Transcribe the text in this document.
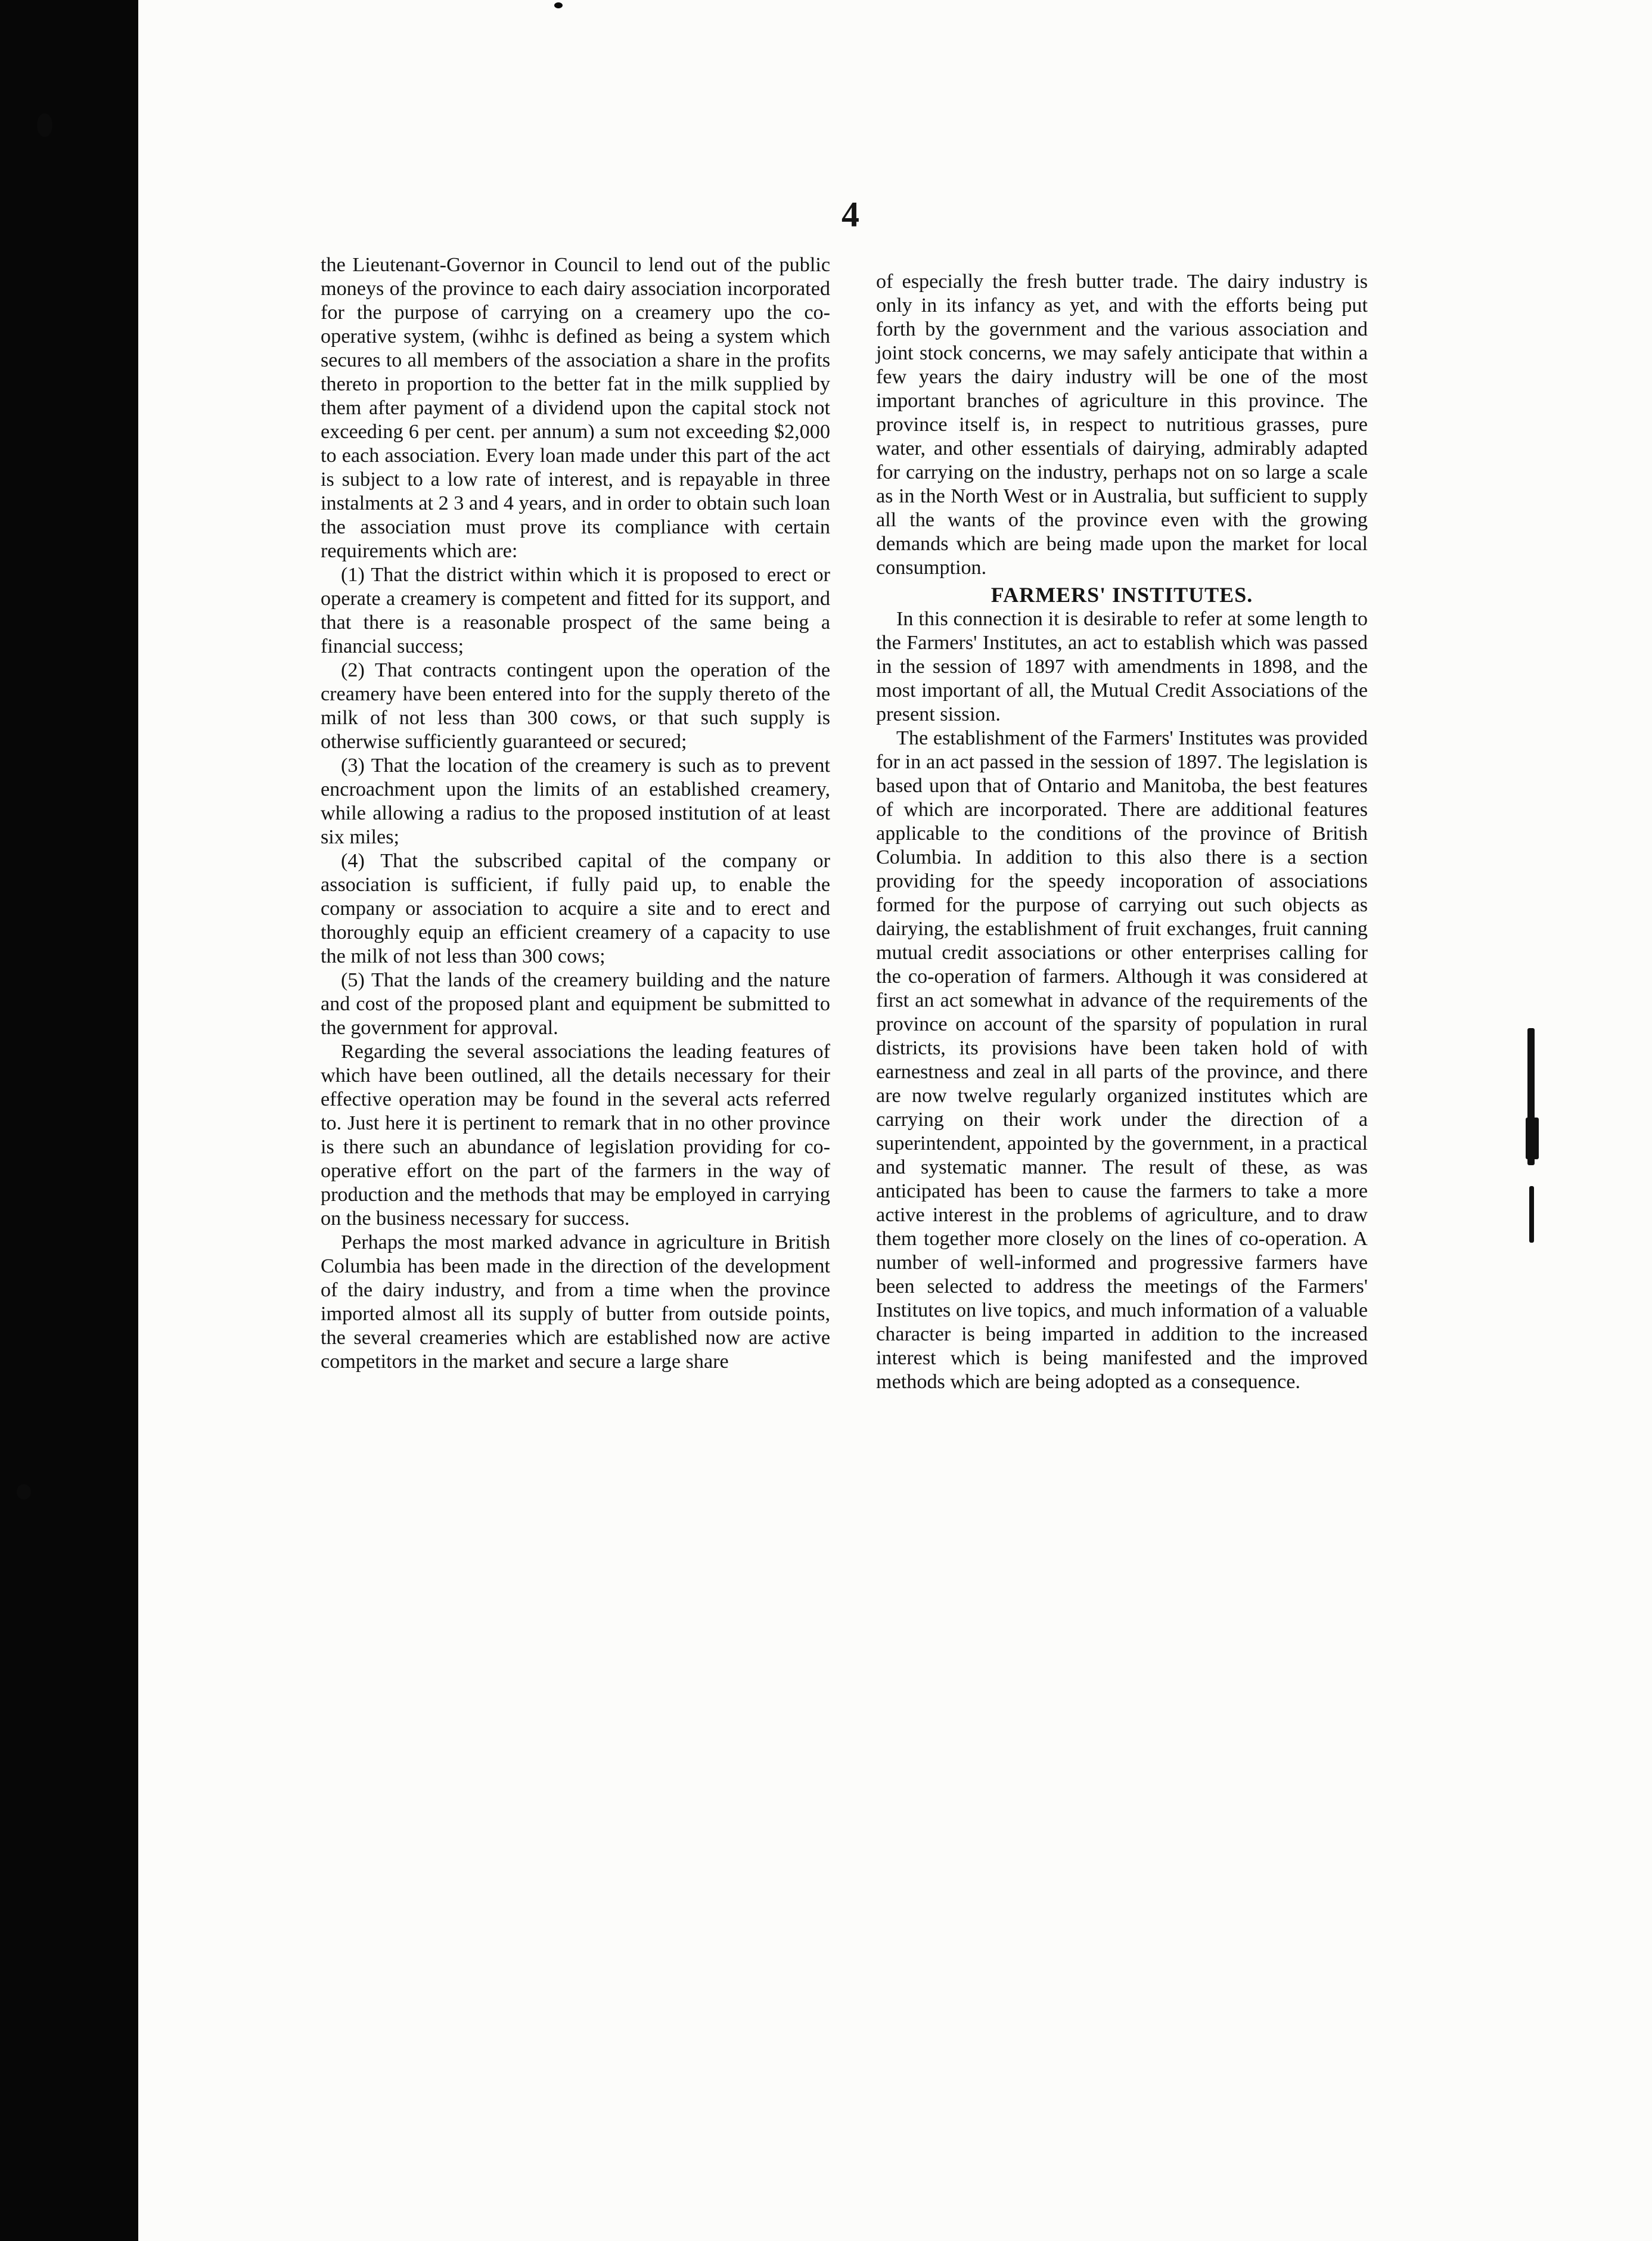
4

the Lieutenant-Governor in Council to lend out of the public moneys of the province to each dairy association incorporated for the purpose of carrying on a creamery upo the co-operative system, (wihhc is defined as being a system which secures to all members of the association a share in the profits thereto in proportion to the better fat in the milk supplied by them after payment of a dividend upon the capital stock not exceeding 6 per cent. per annum) a sum not exceeding $2,000 to each association. Every loan made under this part of the act is subject to a low rate of interest, and is repayable in three instalments at 2 3 and 4 years, and in order to obtain such loan the association must prove its compliance with certain requirements which are:

(1) That the district within which it is proposed to erect or operate a creamery is competent and fitted for its support, and that there is a reasonable prospect of the same being a financial success;

(2) That contracts contingent upon the operation of the creamery have been entered into for the supply thereto of the milk of not less than 300 cows, or that such supply is otherwise sufficiently guaranteed or secured;

(3) That the location of the creamery is such as to prevent encroachment upon the limits of an established creamery, while allowing a radius to the proposed institution of at least six miles;

(4) That the subscribed capital of the company or association is sufficient, if fully paid up, to enable the company or association to acquire a site and to erect and thoroughly equip an efficient creamery of a capacity to use the milk of not less than 300 cows;

(5) That the lands of the creamery building and the nature and cost of the proposed plant and equipment be submitted to the government for approval.

Regarding the several associations the leading features of which have been outlined, all the details necessary for their effective operation may be found in the several acts referred to. Just here it is pertinent to remark that in no other province is there such an abundance of legislation providing for co-operative effort on the part of the farmers in the way of production and the methods that may be employed in carrying on the business necessary for success.

Perhaps the most marked advance in agriculture in British Columbia has been made in the direction of the development of the dairy industry, and from a time when the province imported almost all its supply of butter from outside points, the several creameries which are established now are active competitors in the market and secure a large share

of especially the fresh butter trade. The dairy industry is only in its infancy as yet, and with the efforts being put forth by the government and the various association and joint stock concerns, we may safely anticipate that within a few years the dairy industry will be one of the most important branches of agriculture in this province. The province itself is, in respect to nutritious grasses, pure water, and other essentials of dairying, admirably adapted for carrying on the industry, perhaps not on so large a scale as in the North West or in Australia, but sufficient to supply all the wants of the province even with the growing demands which are being made upon the market for local consumption.

FARMERS' INSTITUTES.

In this connection it is desirable to refer at some length to the Farmers' Institutes, an act to establish which was passed in the session of 1897 with amendments in 1898, and the most important of all, the Mutual Credit Associations of the present sission.

The establishment of the Farmers' Institutes was provided for in an act passed in the session of 1897. The legislation is based upon that of Ontario and Manitoba, the best features of which are incorporated. There are additional features applicable to the conditions of the province of British Columbia. In addition to this also there is a section providing for the speedy incoporation of associations formed for the purpose of carrying out such objects as dairying, the establishment of fruit exchanges, fruit canning mutual credit associations or other enterprises calling for the co-operation of farmers. Although it was considered at first an act somewhat in advance of the requirements of the province on account of the sparsity of population in rural districts, its provisions have been taken hold of with earnestness and zeal in all parts of the province, and there are now twelve regularly organized institutes which are carrying on their work under the direction of a superintendent, appointed by the government, in a practical and systematic manner. The result of these, as was anticipated has been to cause the farmers to take a more active interest in the problems of agriculture, and to draw them together more closely on the lines of co-operation. A number of well-informed and progressive farmers have been selected to address the meetings of the Farmers' Institutes on live topics, and much information of a valuable character is being imparted in addition to the increased interest which is being manifested and the improved methods which are being adopted as a consequence.
